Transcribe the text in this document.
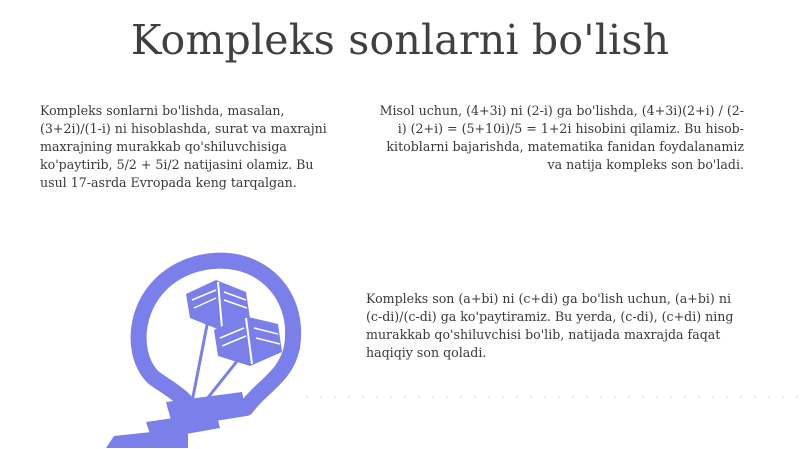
Kompleks sonlarni bo'lish
Kompleks sonlarni bo'lishda, masalan, (3+2i)/(1-i) ni hisoblashda, surat va maxrajni maxrajning murakkab qo'shiluvchisiga ko'paytirib, 5/2 + 5i/2 natijasini olamiz. Bu usul 17-asrda Evropada keng tarqalgan.
Misol uchun, (4+3i) ni (2-i) ga bo'lishda, (4+3i)(2+i) / (2-i) (2+i) = (5+10i)/5 = 1+2i hisobini qilamiz. Bu hisob-kitoblarni bajarishda, matematika fanidan foydalanamiz va natija kompleks son bo'ladi.
Kompleks son (a+bi) ni (c+di) ga bo'lish uchun, (a+bi) ni (c-di)/(c-di) ga ko'paytiramiz. Bu yerda, (c-di), (c+di) ning murakkab qo'shiluvchisi bo'lib, natijada maxrajda faqat haqiqiy son qoladi.
